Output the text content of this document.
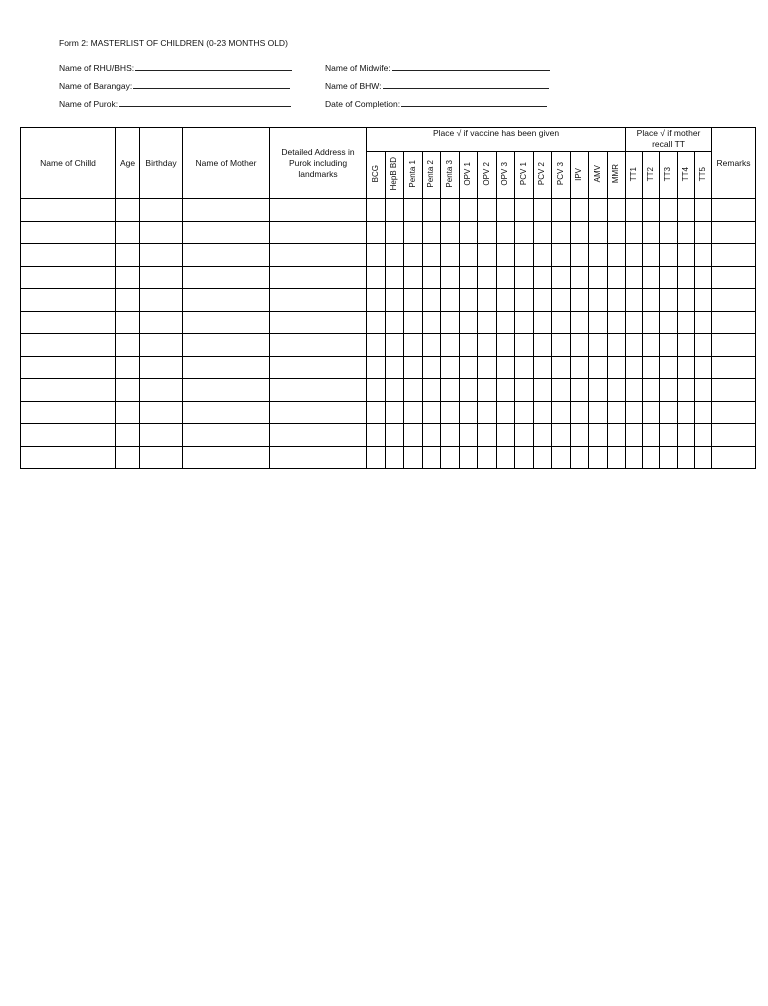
Form 2: MASTERLIST OF CHILDREN (0-23 MONTHS OLD)
Name of RHU/BHS:
Name of Barangay:
Name of Purok:
Name of Midwife:
Name of BHW:
Date of Completion:
Name of Chilld	Age	Birthday	Name of Mother	Detailed Address in Purok including landmarks	Place √ if vaccine has been given														Place √ if mother recall TT					Remarks

					BCG	HepB BD	Penta 1	Penta 2	Penta 3	OPV 1	OPV 2	OPV 3	PCV 1	PCV 2	PCV 3	IPV	AMV	MMR	TT1	TT2	TT3	TT4	TT5	
